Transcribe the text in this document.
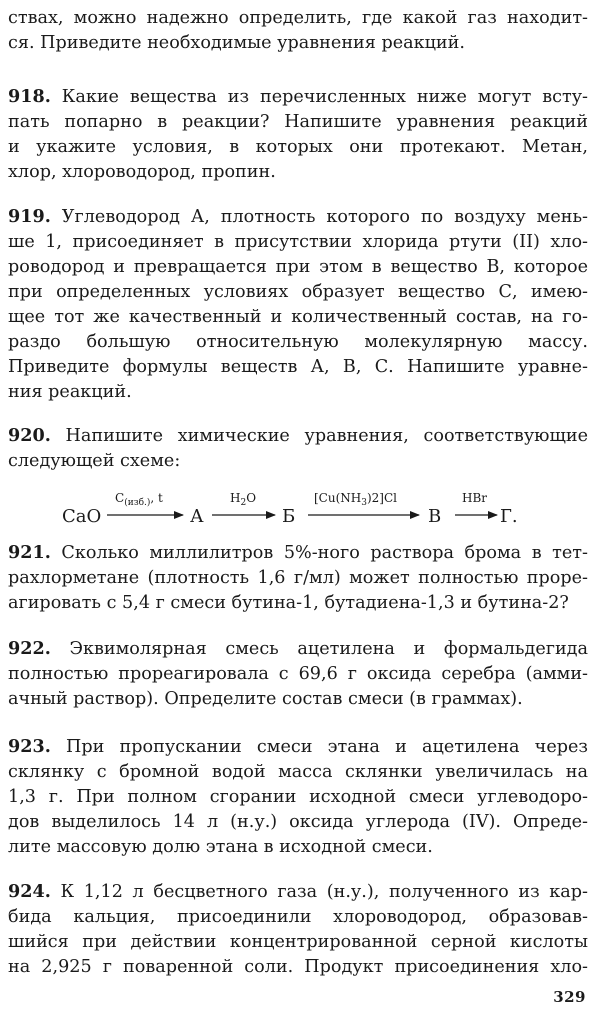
ствах, можно надежно определить, где какой газ находит-
ся. Приведите необходимые уравнения реакций.
918. Какие вещества из перечисленных ниже могут всту-
пать попарно в реакции? Напишите уравнения реакций
и укажите условия, в которых они протекают. Метан,
хлор, хлороводород, пропин.
919. Углеводород А, плотность которого по воздуху мень-
ше 1, присоединяет в присутствии хлорида ртути (II) хло-
роводород и превращается при этом в вещество В, которое
при определенных условиях образует вещество С, имею-
щее тот же качественный и количественный состав, на го-
раздо большую относительную молекулярную массу.
Приведите формулы веществ А, В, С. Напишите уравне-
ния реакций.
920. Напишите химические уравнения, соответствующие
следующей схеме:
CaO
$C_{(изб.)}$, t
А
$H_2O$
Б
$[Cu(NH_3)2]Cl$
В
HBr
Г.
921. Сколько миллилитров 5%-ного раствора брома в тет-
рахлорметане (плотность 1,6 г/мл) может полностью проре-
агировать с 5,4 г смеси бутина-1, бутадиена-1,3 и бутина-2?
922. Эквимолярная смесь ацетилена и формальдегида
полностью прореагировала с 69,6 г оксида серебра (амми-
ачный раствор). Определите состав смеси (в граммах).
923. При пропускании смеси этана и ацетилена через
склянку с бромной водой масса склянки увеличилась на
1,3 г. При полном сгорании исходной смеси углеводоро-
дов выделилось 14 л (н.у.) оксида углерода (IV). Опреде-
лите массовую долю этана в исходной смеси.
924. К 1,12 л бесцветного газа (н.у.), полученного из кар-
бида кальция, присоединили хлороводород, образовав-
шийся при действии концентрированной серной кислоты
на 2,925 г поваренной соли. Продукт присоединения хло-
329
